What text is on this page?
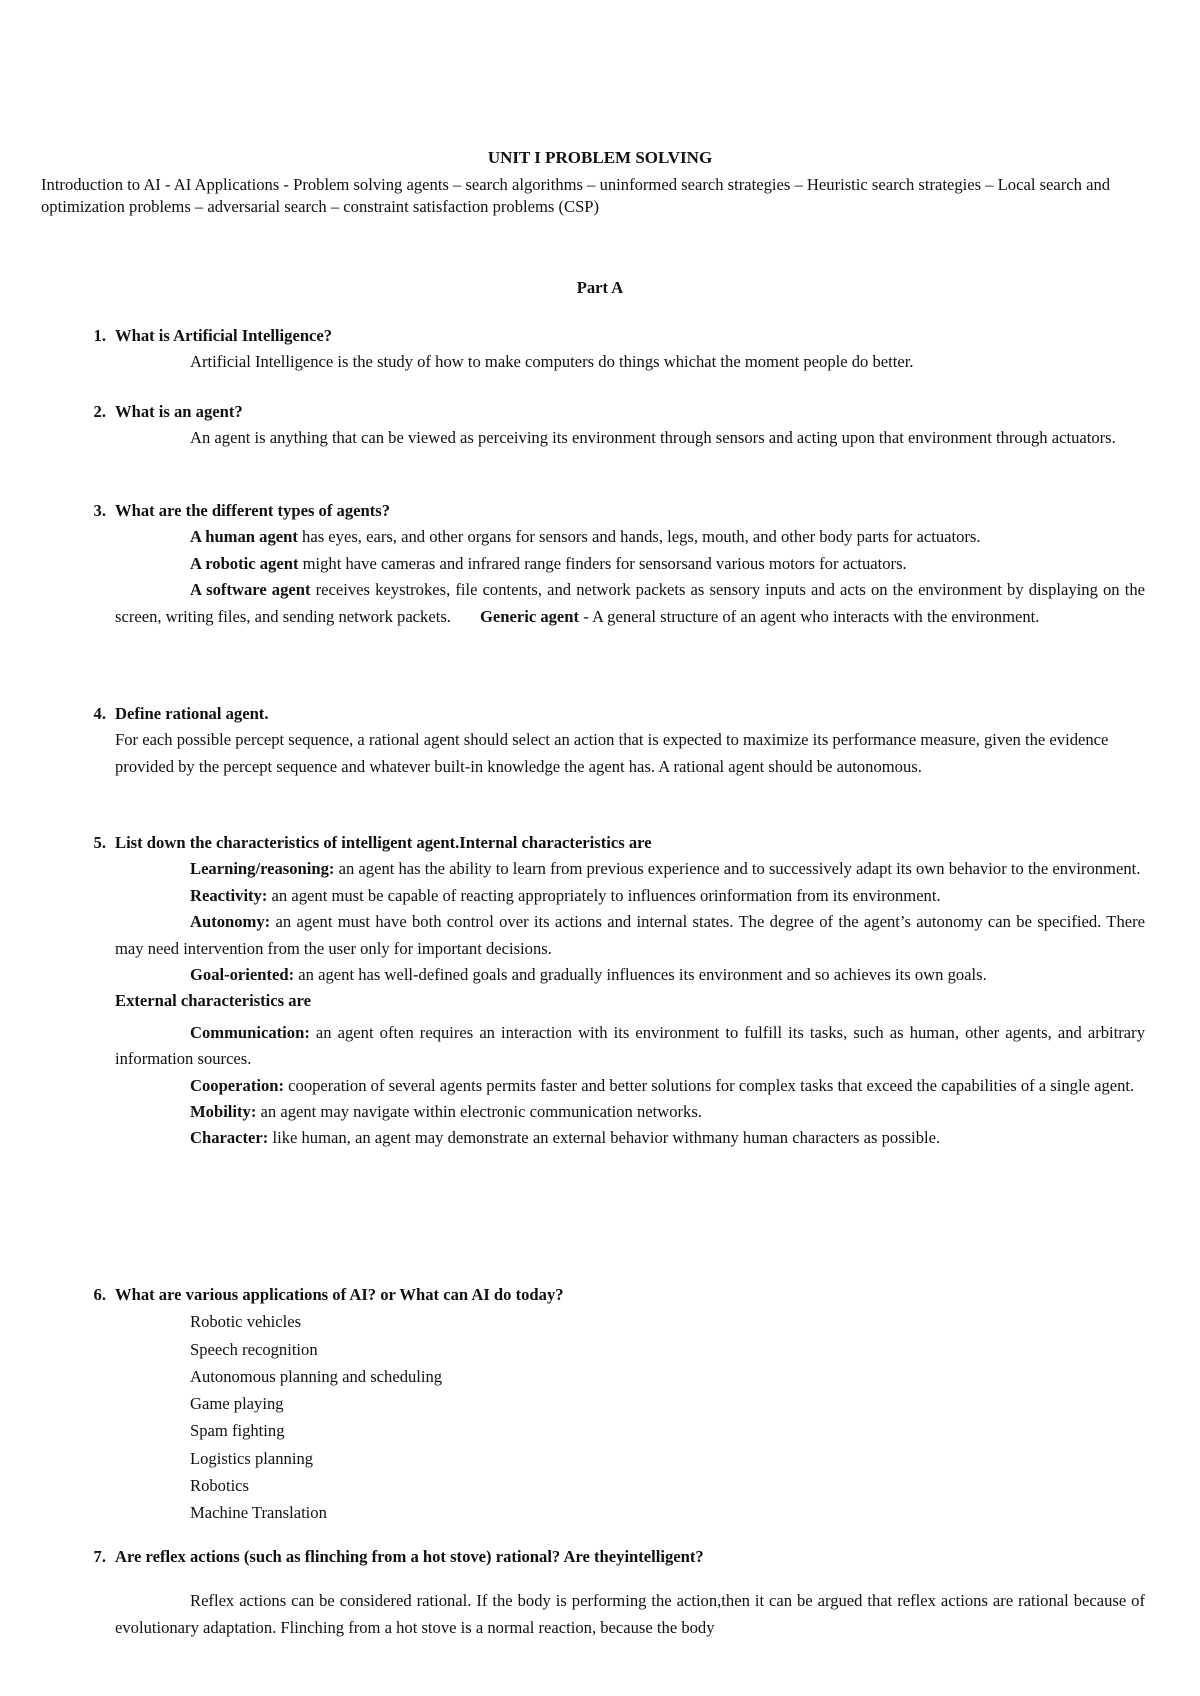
UNIT I PROBLEM SOLVING
Introduction to AI - AI Applications - Problem solving agents – search algorithms – uninformed search strategies – Heuristic search strategies – Local search and optimization problems – adversarial search – constraint satisfaction problems (CSP)
Part A
1. What is Artificial Intelligence?

Artificial Intelligence is the study of how to make computers do things whichat the moment people do better.

2. What is an agent?

An agent is anything that can be viewed as perceiving its environment through sensors and acting upon that environment through actuators.

3. What are the different types of agents?

A human agent has eyes, ears, and other organs for sensors and hands, legs, mouth, and other body parts for actuators.

A robotic agent might have cameras and infrared range finders for sensorsand various motors for actuators.

A software agent receives keystrokes, file contents, and network packets as sensory inputs and acts on the environment by displaying on the screen, writing files, and sending network packets. Generic agent - A general structure of an agent who interacts with the environment.

4. Define rational agent.

For each possible percept sequence, a rational agent should select an action that is expected to maximize its performance measure, given the evidence provided by the percept sequence and whatever built-in knowledge the agent has. A rational agent should be autonomous.

5. List down the characteristics of intelligent agent.Internal characteristics are

Learning/reasoning: an agent has the ability to learn from previous experience and to successively adapt its own behavior to the environment.

Reactivity: an agent must be capable of reacting appropriately to influences orinformation from its environment.

Autonomy: an agent must have both control over its actions and internal states. The degree of the agent’s autonomy can be specified. There may need intervention from the user only for important decisions.

Goal-oriented: an agent has well-defined goals and gradually influences its environment and so achieves its own goals.

External characteristics are

Communication: an agent often requires an interaction with its environment to fulfill its tasks, such as human, other agents, and arbitrary information sources.

Cooperation: cooperation of several agents permits faster and better solutions for complex tasks that exceed the capabilities of a single agent.

Mobility: an agent may navigate within electronic communication networks.

Character: like human, an agent may demonstrate an external behavior withmany human characters as possible.

6. What are various applications of AI? or What can AI do today?
Robotic vehicles
Speech recognition
Autonomous planning and scheduling
Game playing
Spam fighting
Logistics planning
Robotics
Machine Translation
7. Are reflex actions (such as flinching from a hot stove) rational? Are theyintelligent?

Reflex actions can be considered rational. If the body is performing the action,then it can be argued that reflex actions are rational because of evolutionary adaptation. Flinching from a hot stove is a normal reaction, because the body
